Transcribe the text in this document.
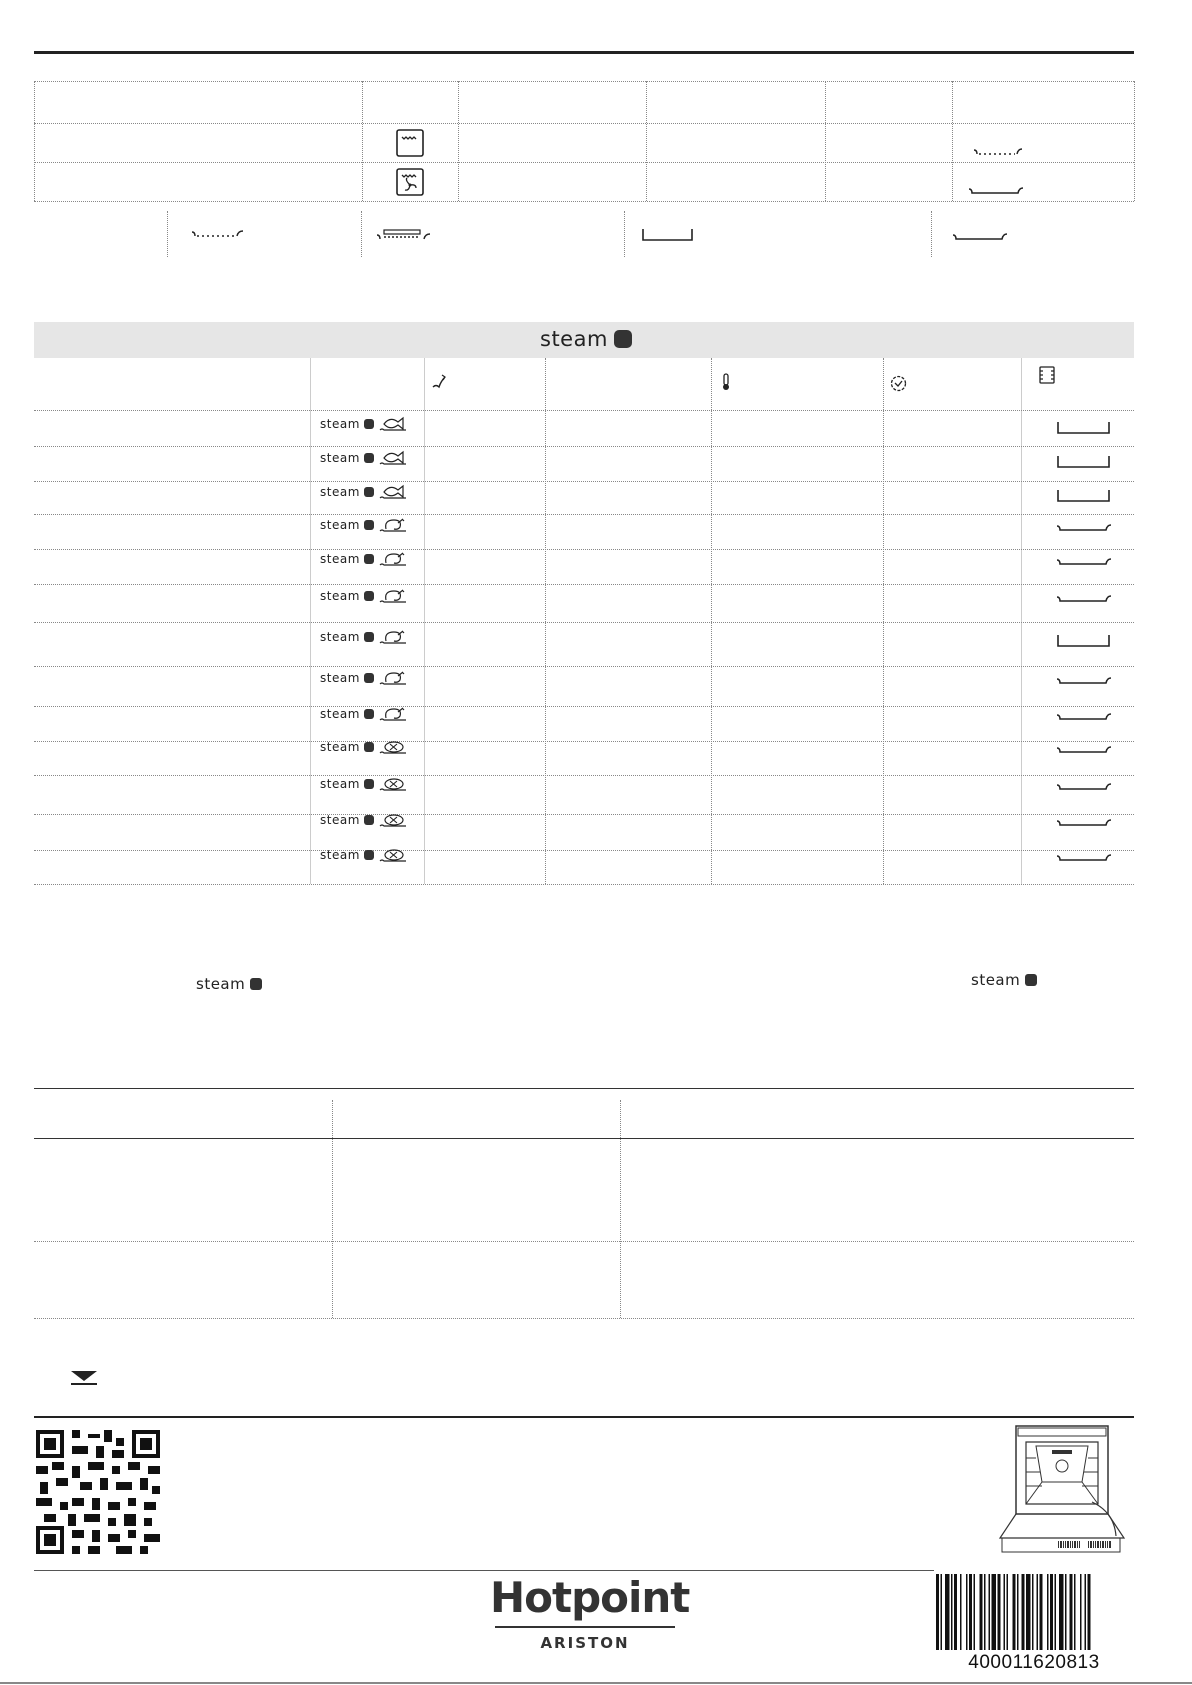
steam
steam
steam
steam
steam
steam
steam
steam
steam
steam
steam
steam
steam
steam
steam	steam
Hotpoint
ARISTON
400011620813
